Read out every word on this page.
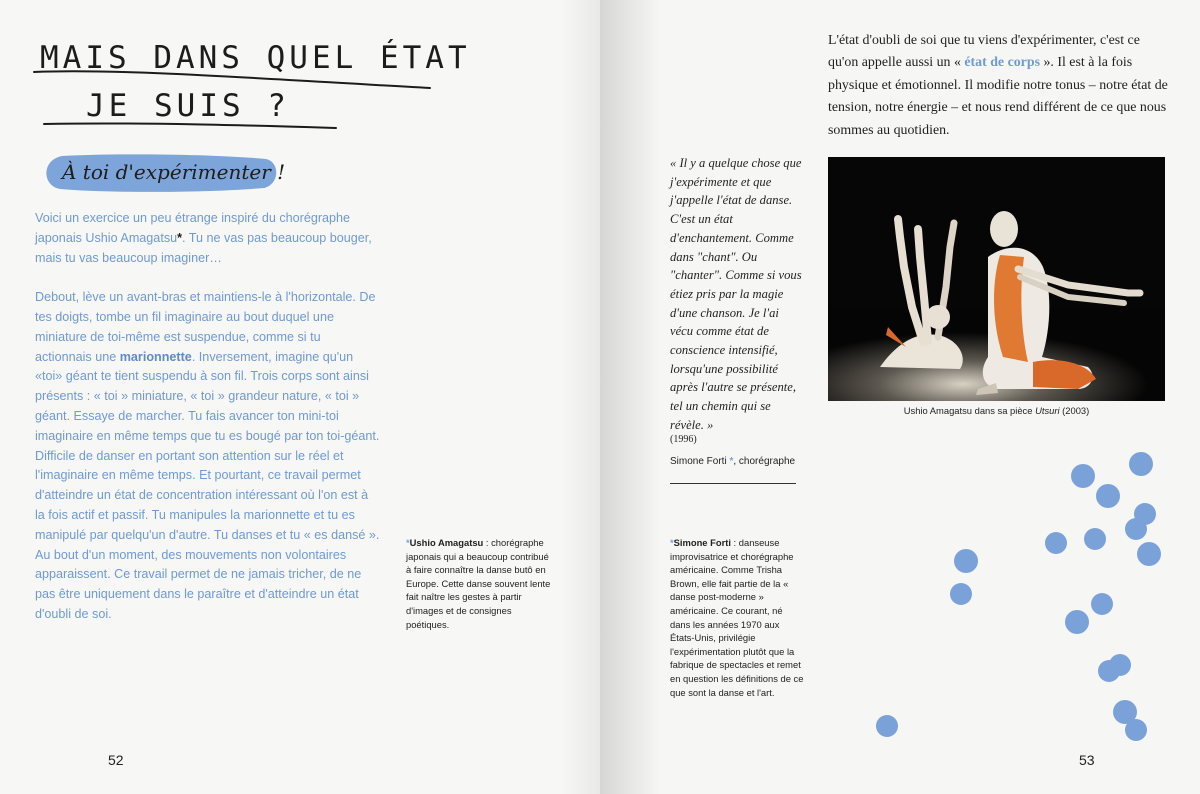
MAIS DANS QUEL ÉTAT
JE SUIS ?
À toi d'expérimenter !

Voici un exercice un peu étrange inspiré du chorégraphe japonais Ushio Amagatsu*. Tu ne vas pas beaucoup bouger, mais tu vas beaucoup imaginer…

Debout, lève un avant-bras et maintiens-le à l'horizontale. De tes doigts, tombe un fil imaginaire au bout duquel une miniature de toi-même est suspendue, comme si tu actionnais une marionnette. Inversement, imagine qu'un «toi» géant te tient suspendu à son fil. Trois corps sont ainsi présents : « toi » miniature, « toi » grandeur nature, « toi » géant. Essaye de marcher. Tu fais avancer ton mini-toi imaginaire en même temps que tu es bougé par ton toi-géant. Difficile de danser en portant son attention sur le réel et l'imaginaire en même temps. Et pourtant, ce travail permet d'atteindre un état de concentration intéressant où l'on est à la fois actif et passif. Tu manipules la marionnette et tu es manipulé par quelqu'un d'autre. Tu danses et tu « es dansé ». Au bout d'un moment, des mouvements non volontaires apparaissent. Ce travail permet de ne jamais tricher, de ne pas être uniquement dans le paraître et d'atteindre un état d'oubli de soi.

*Ushio Amagatsu : chorégraphe japonais qui a beaucoup contribué à faire connaître la danse butô en Europe. Cette danse souvent lente fait naître les gestes à partir d'images et de consignes poétiques.
52
« Il y a quelque chose que j'expérimente et que j'appelle l'état de danse. C'est un état d'enchantement. Comme dans "chant". Ou "chanter". Comme si vous étiez pris par la magie d'une chanson. Je l'ai vécu comme état de conscience intensifié, lorsqu'une possibilité après l'autre se présente, tel un chemin qui se révèle. »
(1996)
Simone Forti *, chorégraphe
*Simone Forti : danseuse improvisatrice et chorégraphe américaine. Comme Trisha Brown, elle fait partie de la « danse post-moderne » américaine. Ce courant, né dans les années 1970 aux États-Unis, privilégie l'expérimentation plutôt que la fabrique de spectacles et remet en question les définitions de ce que sont la danse et l'art.
L'état d'oubli de soi que tu viens d'expérimenter, c'est ce qu'on appelle aussi un « état de corps ». Il est à la fois physique et émotionnel. Il modifie notre tonus – notre état de tension, notre énergie – et nous rend différent de ce que nous sommes au quotidien.
Ushio Amagatsu dans sa pièce Utsuri (2003)
53
